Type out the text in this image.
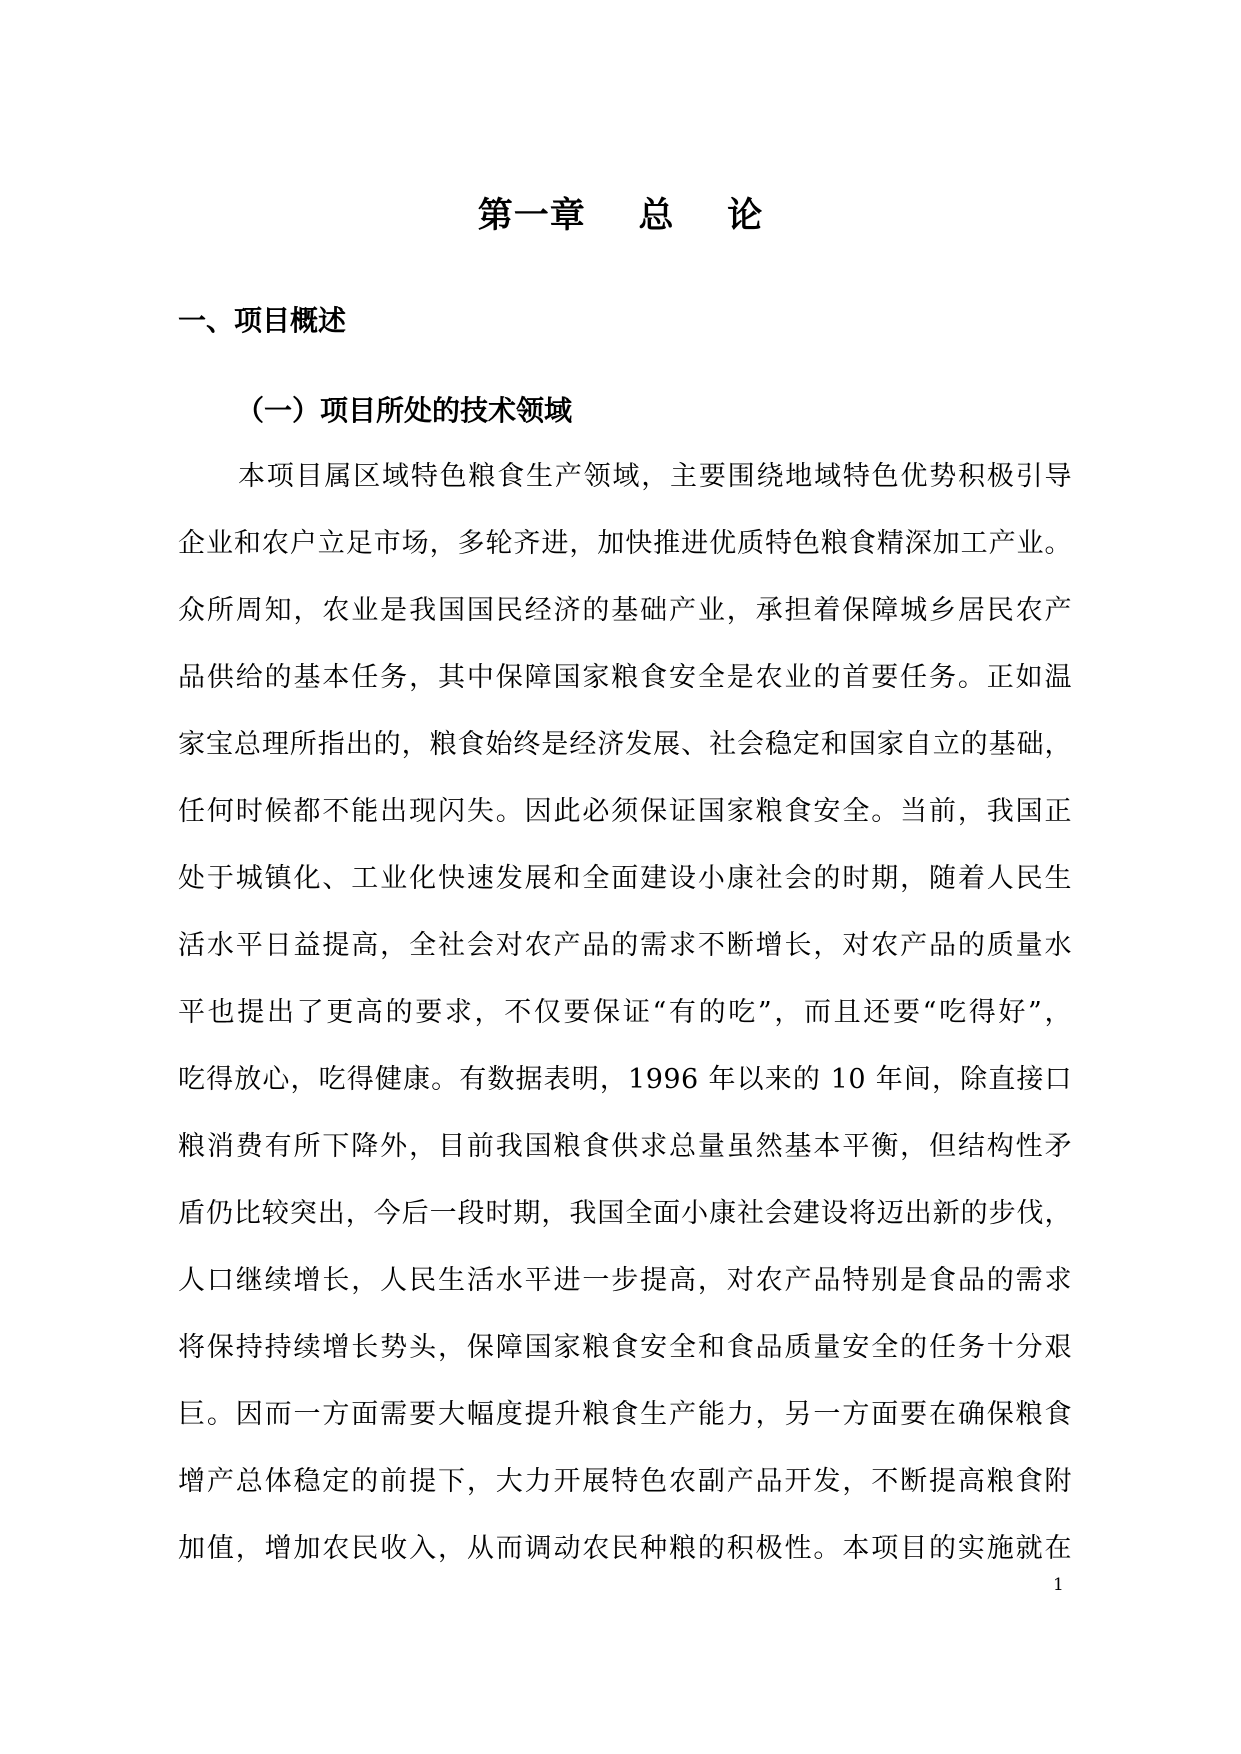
第一章    总    论
一、项目概述
（一）项目所处的技术领域
本项目属区域特色粮食生产领域，主要围绕地域特色优势积极引导
企业和农户立足市场，多轮齐进，加快推进优质特色粮食精深加工产业。
众所周知，农业是我国国民经济的基础产业，承担着保障城乡居民农产
品供给的基本任务，其中保障国家粮食安全是农业的首要任务。正如温
家宝总理所指出的，粮食始终是经济发展、社会稳定和国家自立的基础，
任何时候都不能出现闪失。因此必须保证国家粮食安全。当前，我国正
处于城镇化、工业化快速发展和全面建设小康社会的时期，随着人民生
活水平日益提高，全社会对农产品的需求不断增长，对农产品的质量水
平也提出了更高的要求，不仅要保证“有的吃”，而且还要“吃得好”，
吃得放心，吃得健康。有数据表明，1996 年以来的 10 年间，除直接口
粮消费有所下降外，目前我国粮食供求总量虽然基本平衡，但结构性矛
盾仍比较突出，今后一段时期，我国全面小康社会建设将迈出新的步伐，
人口继续增长，人民生活水平进一步提高，对农产品特别是食品的需求
将保持持续增长势头，保障国家粮食安全和食品质量安全的任务十分艰
巨。因而一方面需要大幅度提升粮食生产能力，另一方面要在确保粮食
增产总体稳定的前提下，大力开展特色农副产品开发，不断提高粮食附
加值，增加农民收入，从而调动农民种粮的积极性。本项目的实施就在
1
